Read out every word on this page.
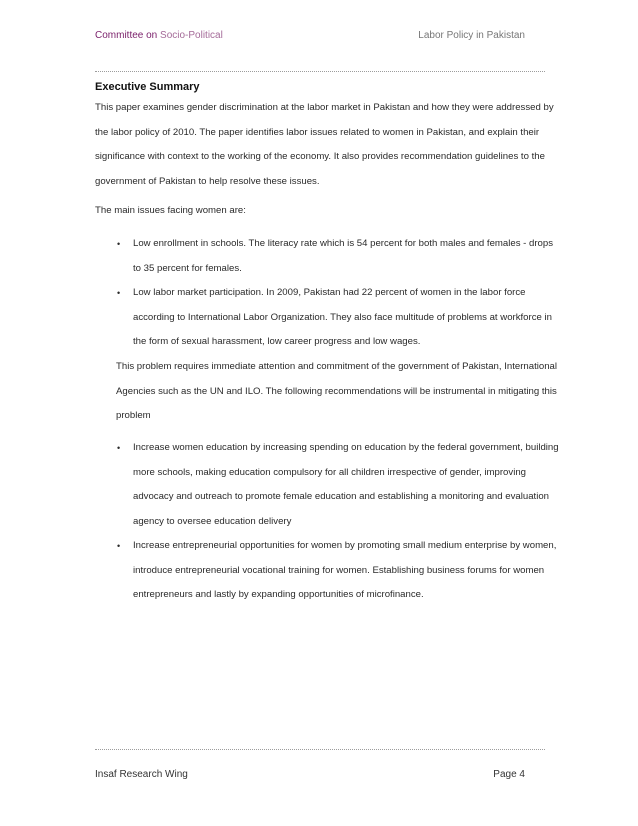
Committee on Socio-Political	Labor Policy in Pakistan
Executive Summary
This paper examines gender discrimination at the labor market in Pakistan and how they were addressed by
the labor policy of 2010. The paper identifies labor issues related to women in Pakistan, and explain their
significance with context to the working of the economy. It also provides recommendation guidelines to the
government of Pakistan to help resolve these issues.
The main issues facing women are:
• Low enrollment in schools. The literacy rate which is 54 percent for both males and females - drops
to 35 percent for females.
• Low labor market participation. In 2009, Pakistan had 22 percent of women in the labor force
according to International Labor Organization. They also face multitude of problems at workforce in
the form of sexual harassment, low career progress and low wages.
This problem requires immediate attention and commitment of the government of Pakistan, International
Agencies such as the UN and ILO. The following recommendations will be instrumental in mitigating this
problem
• Increase women education by increasing spending on education by the federal government, building
more schools, making education compulsory for all children irrespective of gender, improving
advocacy and outreach to promote female education and establishing a monitoring and evaluation
agency to oversee education delivery
• Increase entrepreneurial opportunities for women by promoting small medium enterprise by women,
introduce entrepreneurial vocational training for women. Establishing business forums for women
entrepreneurs and lastly by expanding opportunities of microfinance.
Insaf Research Wing	Page 4
